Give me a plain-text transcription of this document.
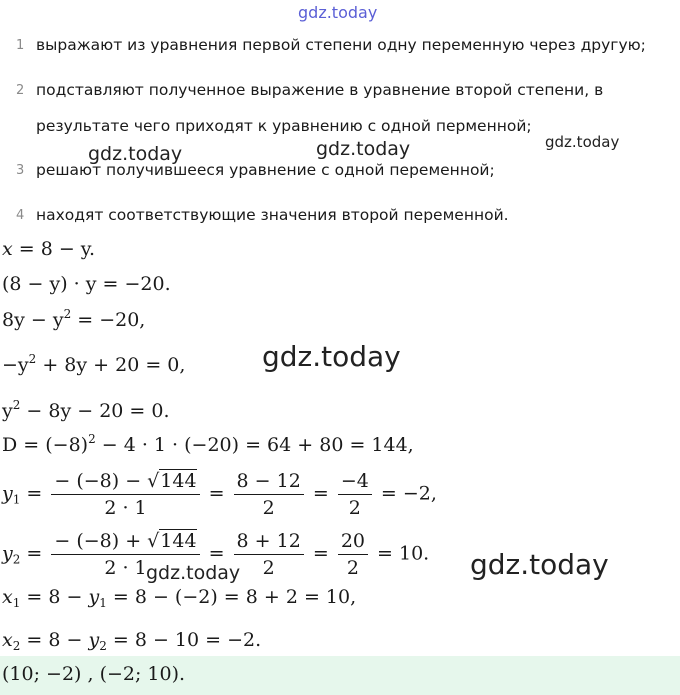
gdz.today
1 выражают из уравнения первой степени одну переменную через другую;
2 подставляют полученное выражение в уравнение второй степени, в
результате чего приходят к уравнению с одной перменной;
3 решают получившееся уравнение с одной переменной;
4 находят соответствующие значения второй переменной.
gdz.today	gdz.today	gdz.today
x = 8 − y.
(8 − y) · y = −20.
$8y - y^2 = -20$,
$-y^2 + 8y + 20 = 0$,
$y^2 - 8y - 20 = 0$.
$D = (-8)^2 - 4 \cdot 1 \cdot (-20) = 64 + 80 = 144$,
gdz.today
$y_1 = \frac{- (-8) - √144}{2 \cdot 1} = \frac{8 - 12}{2} = \frac{-4}{2} = -2$,
$y_2 = \frac{- (-8) + √144}{2 \cdot 1} = \frac{8 + 12}{2} = \frac{20}{2} = 10$. gdz.today
gdz.today
$x_1 = 8 - y_1 = 8 - (-2) = 8 + 2 = 10$,
$x_2 = 8 - y_2 = 8 - 10 = -2$.
(10; −2) , (−2; 10).
